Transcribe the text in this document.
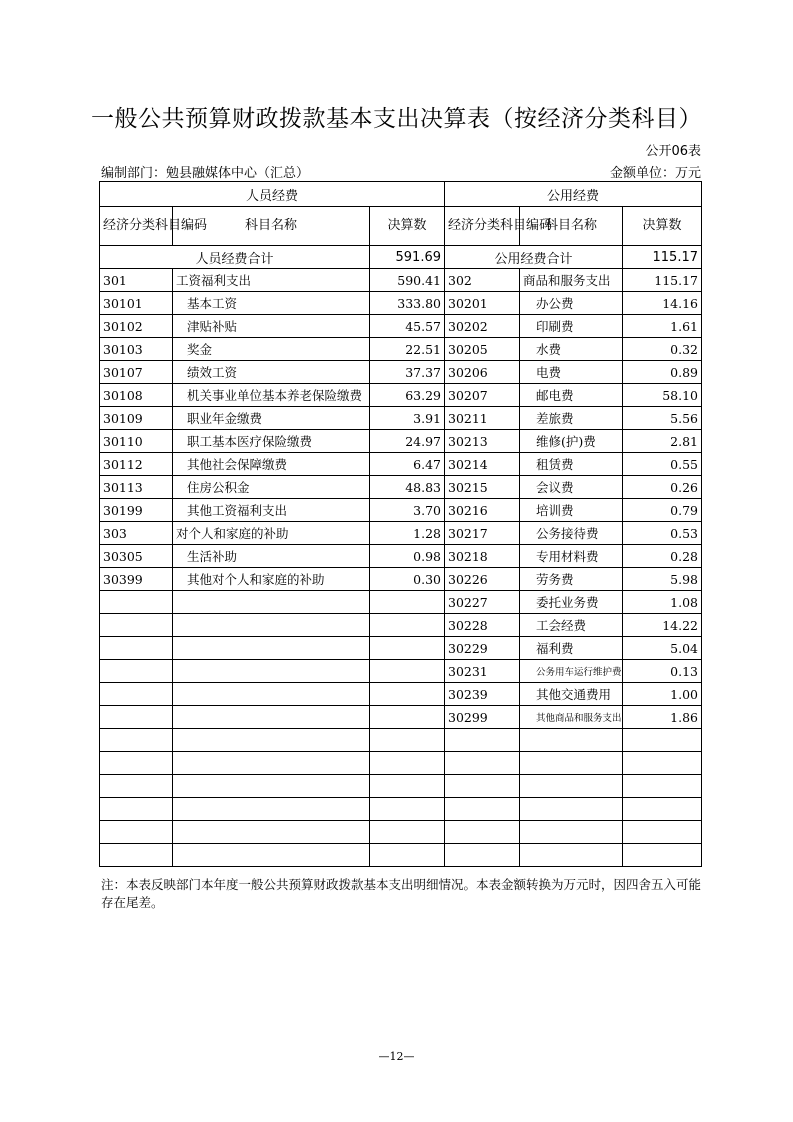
一般公共预算财政拨款基本支出决算表（按经济分类科目）
公开06表
编制部门：勉县融媒体中心（汇总）	金额单位：万元
人员经费			公用经费		
经济分类科目编码	科目名称	决算数	经济分类科目编码	科目名称	决算数
人员经费合计		591.69	公用经费合计		115.17
301	工资福利支出	590.41	302	商品和服务支出	115.17
30101	基本工资	333.80	30201	办公费	14.16
30102	津贴补贴	45.57	30202	印刷费	1.61
30103	奖金	22.51	30205	水费	0.32
30107	绩效工资	37.37	30206	电费	0.89
30108	机关事业单位基本养老保险缴费	63.29	30207	邮电费	58.10
30109	职业年金缴费	3.91	30211	差旅费	5.56
30110	职工基本医疗保险缴费	24.97	30213	维修(护)费	2.81
30112	其他社会保障缴费	6.47	30214	租赁费	0.55
30113	住房公积金	48.83	30215	会议费	0.26
30199	其他工资福利支出	3.70	30216	培训费	0.79
303	对个人和家庭的补助	1.28	30217	公务接待费	0.53
30305	生活补助	0.98	30218	专用材料费	0.28
30399	其他对个人和家庭的补助	0.30	30226	劳务费	5.98
			30227	委托业务费	1.08
			30228	工会经费	14.22
			30229	福利费	5.04
			30231	公务用车运行维护费	0.13
			30239	其他交通费用	1.00
			30299	其他商品和服务支出	1.86

注：本表反映部门本年度一般公共预算财政拨款基本支出明细情况。本表金额转换为万元时，因四舍五入可能存在尾差。
—12—
